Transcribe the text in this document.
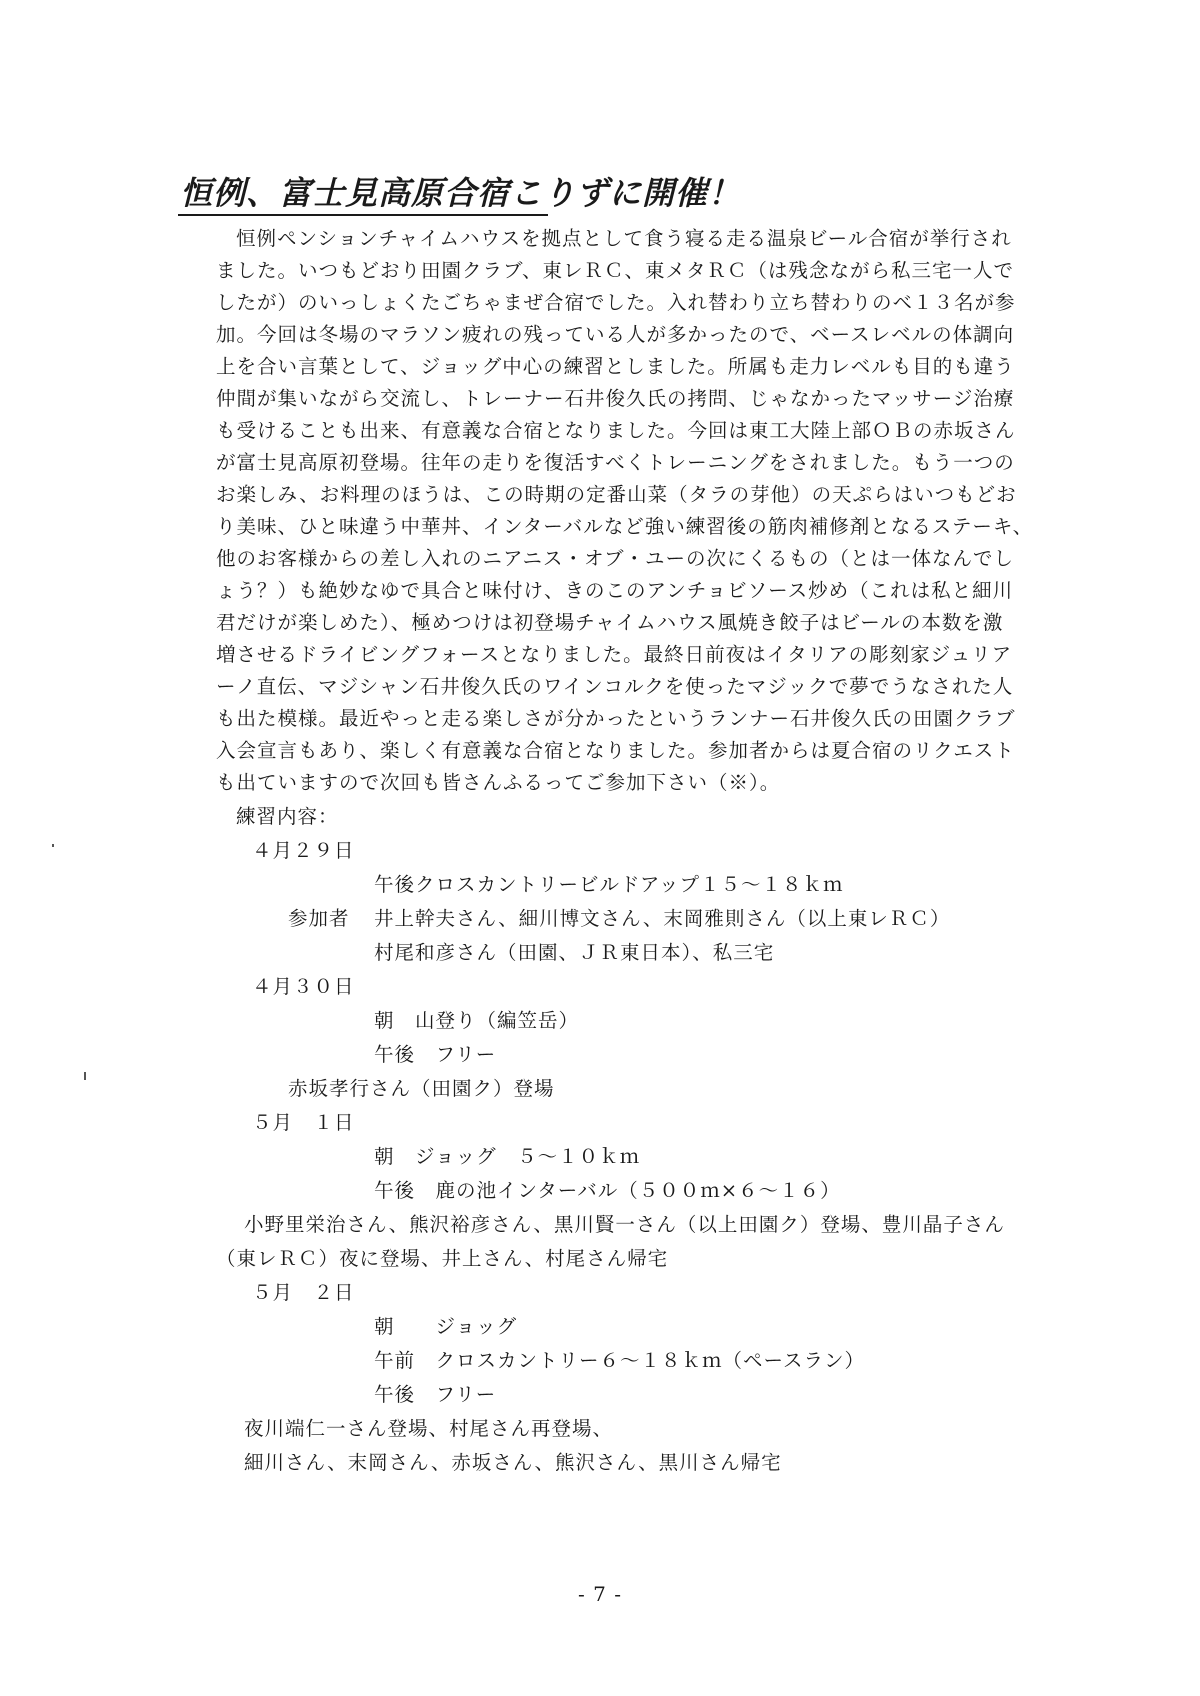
恒例、富士見高原合宿こりずに開催！
恒例ペンションチャイムハウスを拠点として食う寝る走る温泉ビール合宿が挙行され
ました。いつもどおり田園クラブ、東レＲＣ、東メタＲＣ（は残念ながら私三宅一人で
したが）のいっしょくたごちゃまぜ合宿でした。入れ替わり立ち替わりのベ１３名が参
加。今回は冬場のマラソン疲れの残っている人が多かったので、ベースレベルの体調向
上を合い言葉として、ジョッグ中心の練習としました。所属も走力レベルも目的も違う
仲間が集いながら交流し、トレーナー石井俊久氏の拷問、じゃなかったマッサージ治療
も受けることも出来、有意義な合宿となりました。今回は東工大陸上部ＯＢの赤坂さん
が富士見高原初登場。往年の走りを復活すべくトレーニングをされました。もう一つの
お楽しみ、お料理のほうは、この時期の定番山菜（タラの芽他）の天ぷらはいつもどお
り美味、ひと味違う中華丼、インターバルなど強い練習後の筋肉補修剤となるステーキ、
他のお客様からの差し入れのニアニス・オブ・ユーの次にくるもの（とは一体なんでし
ょう？）も絶妙なゆで具合と味付け、きのこのアンチョビソース炒め（これは私と細川
君だけが楽しめた）、極めつけは初登場チャイムハウス風焼き餃子はビールの本数を激
増させるドライビングフォースとなりました。最終日前夜はイタリアの彫刻家ジュリア
ーノ直伝、マジシャン石井俊久氏のワインコルクを使ったマジックで夢でうなされた人
も出た模様。最近やっと走る楽しさが分かったというランナー石井俊久氏の田園クラブ
入会宣言もあり、楽しく有意義な合宿となりました。参加者からは夏合宿のリクエスト
も出ていますので次回も皆さんふるってご参加下さい（※）。
練習内容：
４月２９日
午後クロスカントリービルドアップ１５～１８ｋｍ
参加者 井上幹夫さん、細川博文さん、末岡雅則さん（以上東レＲＣ）
村尾和彦さん（田園、ＪＲ東日本）、私三宅
４月３０日
朝　山登り（編笠岳）
午後　フリー
赤坂孝行さん（田園ク）登場
５月　１日
朝　ジョッグ　５～１０ｋｍ
午後　鹿の池インターバル（５００ｍ×６～１６）
小野里栄治さん、熊沢裕彦さん、黒川賢一さん（以上田園ク）登場、豊川晶子さん
（東レＲＣ）夜に登場、井上さん、村尾さん帰宅
５月　２日
朝　　ジョッグ
午前　クロスカントリー６～１８ｋｍ（ペースラン）
午後　フリー
夜川端仁一さん登場、村尾さん再登場、
細川さん、末岡さん、赤坂さん、熊沢さん、黒川さん帰宅
- 7 -
